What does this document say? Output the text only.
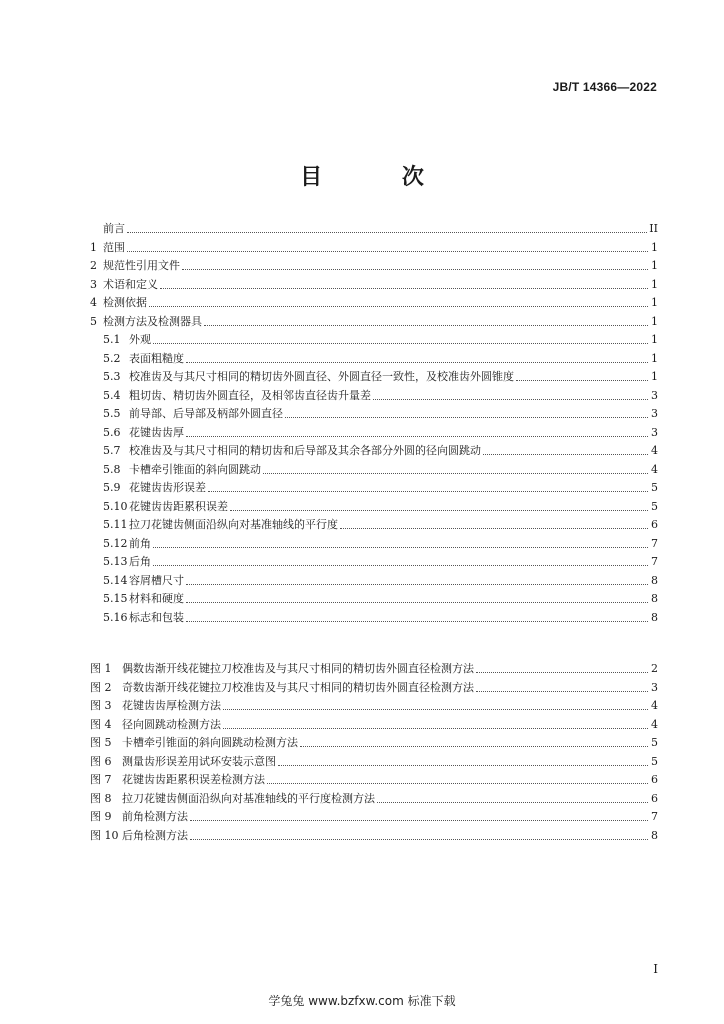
JB/T 14366—2022
目 次
前言	II
1 范围	1
2 规范性引用文件	1
3 术语和定义	1
4 检测依据	1
5 检测方法及检测器具	1
5.1 外观	1
5.2 表面粗糙度	1
5.3 校准齿及与其尺寸相同的精切齿外圆直径、外圆直径一致性，及校准齿外圆锥度	1
5.4 粗切齿、精切齿外圆直径，及相邻齿直径齿升量差	3
5.5 前导部、后导部及柄部外圆直径	3
5.6 花键齿齿厚	3
5.7 校准齿及与其尺寸相同的精切齿和后导部及其余各部分外圆的径向圆跳动	4
5.8 卡槽牵引锥面的斜向圆跳动	4
5.9 花键齿齿形误差	5
5.10 花键齿齿距累积误差	5
5.11 拉刀花键齿侧面沿纵向对基准轴线的平行度	6
5.12 前角	7
5.13 后角	7
5.14 容屑槽尺寸	8
5.15 材料和硬度	8
5.16 标志和包装	8
图 1 偶数齿渐开线花键拉刀校准齿及与其尺寸相同的精切齿外圆直径检测方法	2
图 2 奇数齿渐开线花键拉刀校准齿及与其尺寸相同的精切齿外圆直径检测方法	3
图 3 花键齿齿厚检测方法	4
图 4 径向圆跳动检测方法	4
图 5 卡槽牵引锥面的斜向圆跳动检测方法	5
图 6 测量齿形误差用试环安装示意图	5
图 7 花键齿齿距累积误差检测方法	6
图 8 拉刀花键齿侧面沿纵向对基准轴线的平行度检测方法	6
图 9 前角检测方法	7
图 10 后角检测方法	8
I
学兔兔 www.bzfxw.com 标准下载
